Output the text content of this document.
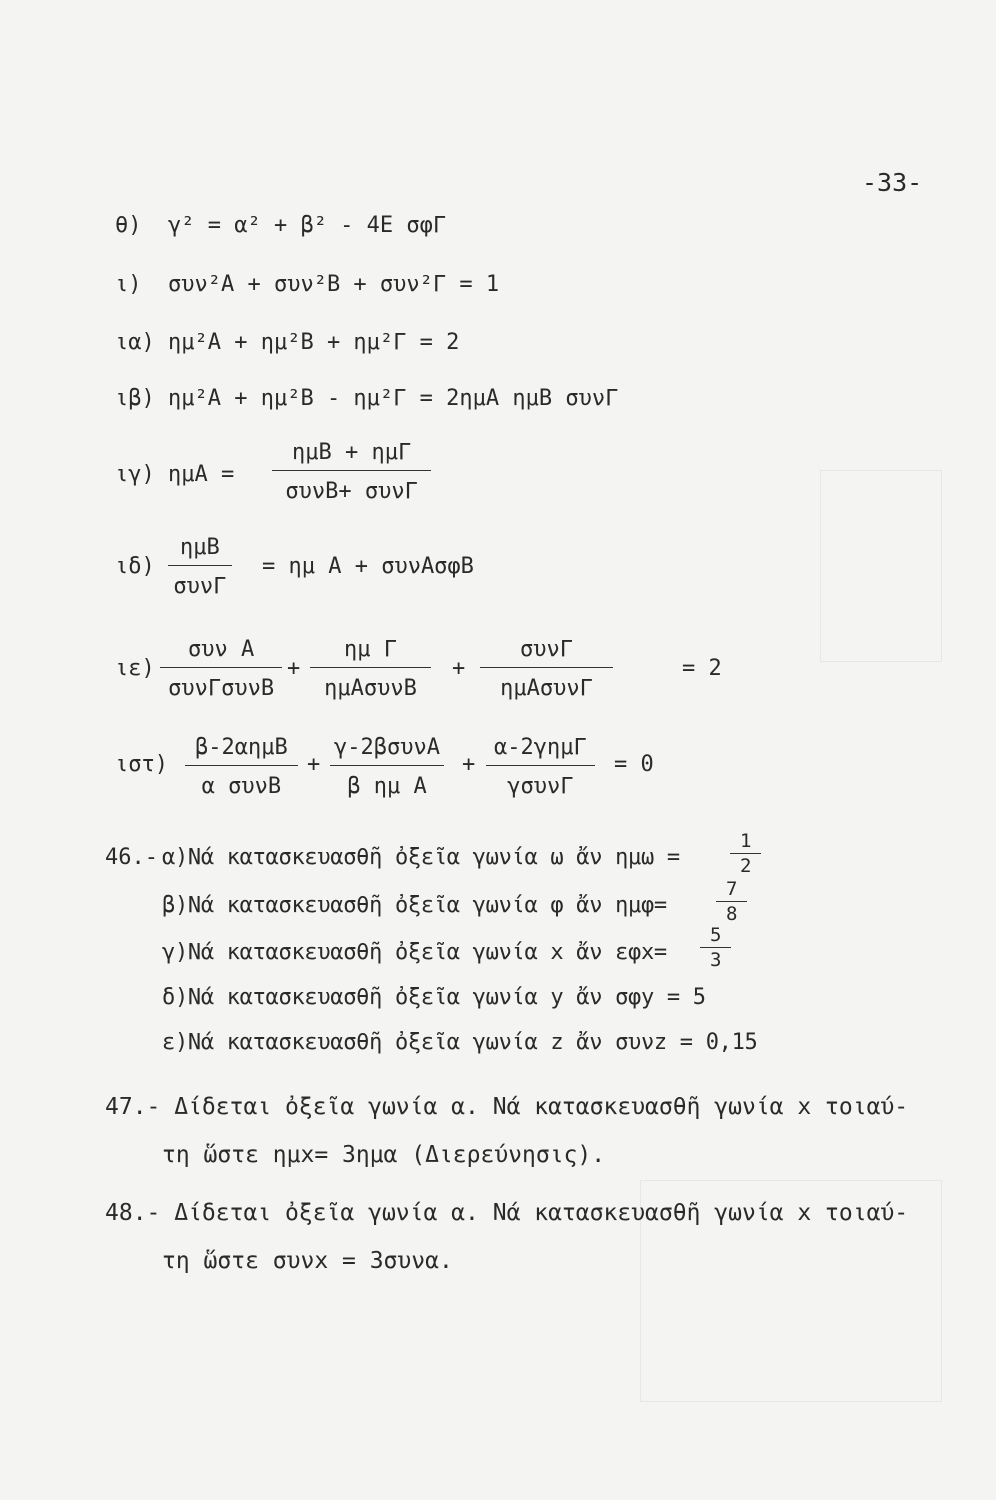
-33-
θ) γ² = α² + β² - 4E σφΓ
ι) συν²A + συν²B + συν²Γ = 1
ια) ημ²A + ημ²B + ημ²Γ = 2
ιβ) ημ²A + ημ²B - ημ²Γ = 2ημA ημB συνΓ
ιγ) ημA =
ημB + ημΓ
συνB+ συνΓ
ιδ)
ημB
συνΓ
= ημ A + συνAσφB
ιε)
συν A
συνΓσυνB
+
ημ Γ
ημAσυνB
+
συνΓ
ημAσυνΓ
= 2
ιστ)
β-2αημB
α συνB
+
γ-2βσυνA
β ημ A
+
α-2γημΓ
γσυνΓ
= 0
46.- α)Νά κατασκευασθῆ ὀξεῖα γωνία ω ἄν ημω =	$\frac{1}{2}$
β)Νά κατασκευασθῆ ὀξεῖα γωνία φ ἄν ημφ=	$\frac{7}{8}$
γ)Νά κατασκευασθῆ ὀξεῖα γωνία x ἄν $\varepsilon\varphi x= \frac{5}{3}$
δ)Νά κατασκευασθῆ ὀξεῖα γωνία y ἄν σφy = 5
ε)Νά κατασκευασθῆ ὀξεῖα γωνία z ἄν συνz = 0,15
47.- Δίδεται ὀξεῖα γωνία α. Νά κατασκευασθῆ γωνία x τοιαύ-
τη ὥστε ημx= 3ημα (Διερεύνησις).
48.- Δίδεται ὀξεῖα γωνία α. Νά κατασκευασθῆ γωνία x τοιαύ-
τη ὥστε συνx = 3συνα.
